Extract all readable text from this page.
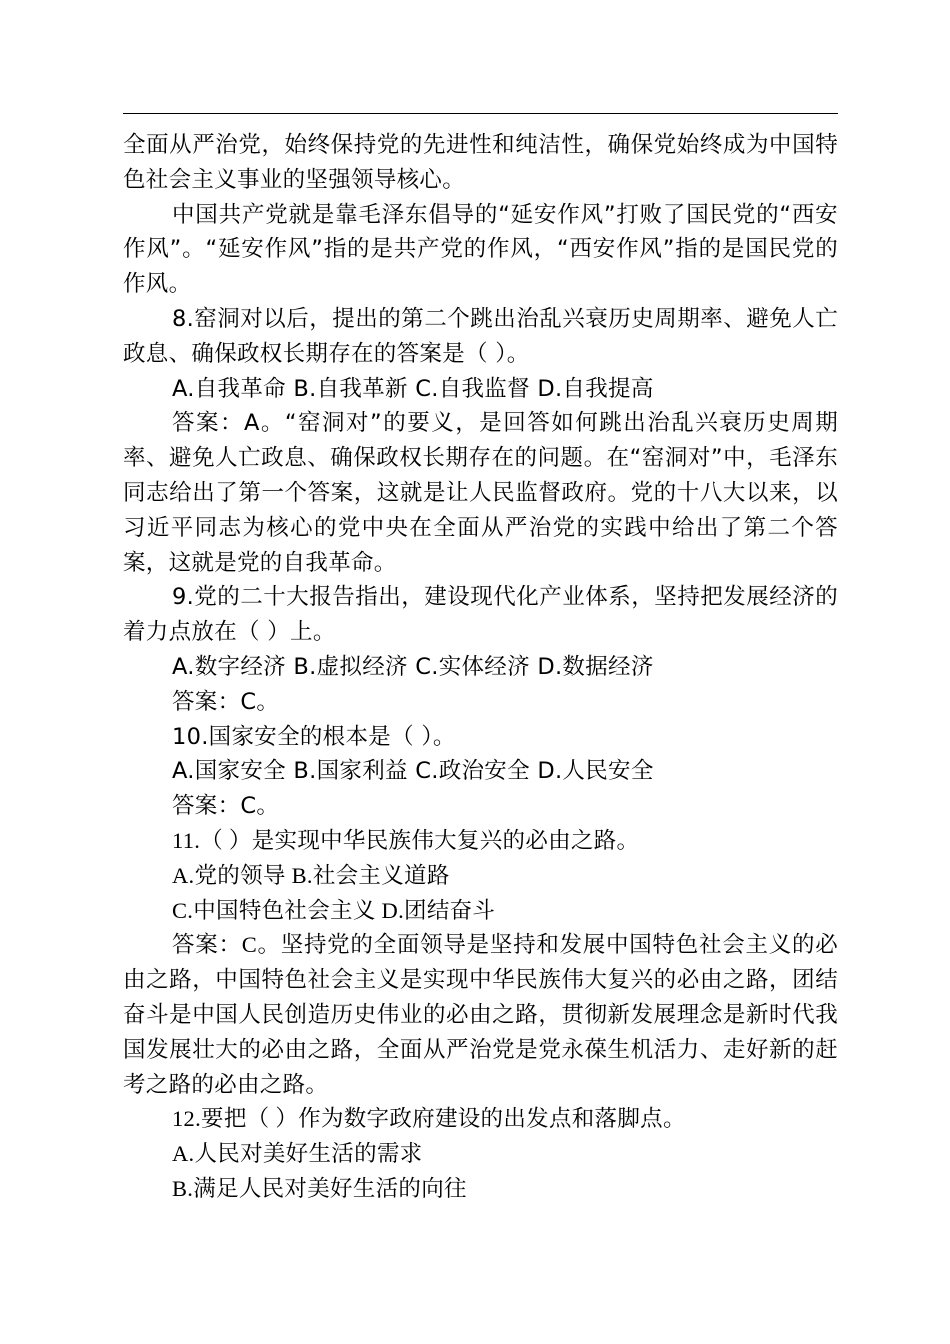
全面从严治党，始终保持党的先进性和纯洁性，确保党始终成为中国特色社会主义事业的坚强领导核心。

中国共产党就是靠毛泽东倡导的“延安作风”打败了国民党的“西安作风”。“延安作风”指的是共产党的作风，“西安作风”指的是国民党的作风。

8.窑洞对以后，提出的第二个跳出治乱兴衰历史周期率、避免人亡政息、确保政权长期存在的答案是（ ）。

A.自我革命 B.自我革新 C.自我监督 D.自我提高

答案：A。“窑洞对”的要义，是回答如何跳出治乱兴衰历史周期率、避免人亡政息、确保政权长期存在的问题。在“窑洞对”中，毛泽东同志给出了第一个答案，这就是让人民监督政府。党的十八大以来，以习近平同志为核心的党中央在全面从严治党的实践中给出了第二个答案，这就是党的自我革命。

9.党的二十大报告指出，建设现代化产业体系，坚持把发展经济的着力点放在（ ）上。

A.数字经济 B.虚拟经济 C.实体经济 D.数据经济

答案：C。

10.国家安全的根本是（ ）。

A.国家安全 B.国家利益 C.政治安全 D.人民安全

答案：C。

11.（ ）是实现中华民族伟大复兴的必由之路。

A.党的领导 B.社会主义道路

C.中国特色社会主义 D.团结奋斗

答案：C。坚持党的全面领导是坚持和发展中国特色社会主义的必由之路，中国特色社会主义是实现中华民族伟大复兴的必由之路，团结奋斗是中国人民创造历史伟业的必由之路，贯彻新发展理念是新时代我国发展壮大的必由之路，全面从严治党是党永葆生机活力、走好新的赶考之路的必由之路。

12.要把（ ）作为数字政府建设的出发点和落脚点。

A.人民对美好生活的需求

B.满足人民对美好生活的向往
